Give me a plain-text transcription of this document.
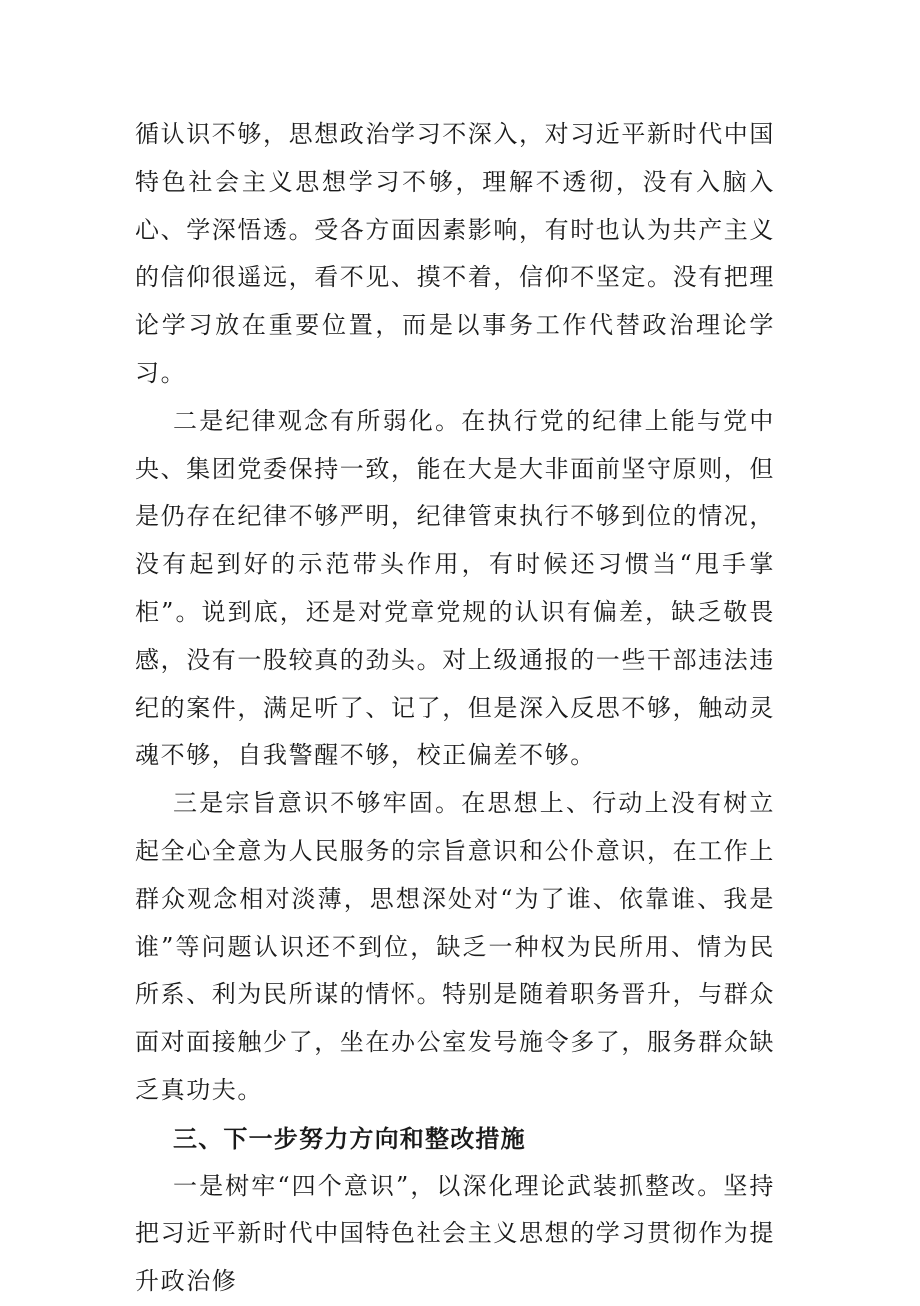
循认识不够，思想政治学习不深入，对习近平新时代中国特色社会主义思想学习不够，理解不透彻，没有入脑入心、学深悟透。受各方面因素影响，有时也认为共产主义的信仰很遥远，看不见、摸不着，信仰不坚定。没有把理论学习放在重要位置，而是以事务工作代替政治理论学习。

二是纪律观念有所弱化。在执行党的纪律上能与党中央、集团党委保持一致，能在大是大非面前坚守原则，但是仍存在纪律不够严明，纪律管束执行不够到位的情况，没有起到好的示范带头作用，有时候还习惯当“甩手掌柜”。说到底，还是对党章党规的认识有偏差，缺乏敬畏感，没有一股较真的劲头。对上级通报的一些干部违法违纪的案件，满足听了、记了，但是深入反思不够，触动灵魂不够，自我警醒不够，校正偏差不够。

三是宗旨意识不够牢固。在思想上、行动上没有树立起全心全意为人民服务的宗旨意识和公仆意识，在工作上群众观念相对淡薄，思想深处对“为了谁、依靠谁、我是谁”等问题认识还不到位，缺乏一种权为民所用、情为民所系、利为民所谋的情怀。特别是随着职务晋升，与群众面对面接触少了，坐在办公室发号施令多了，服务群众缺乏真功夫。

三、下一步努力方向和整改措施

一是树牢“四个意识”，以深化理论武装抓整改。坚持把习近平新时代中国特色社会主义思想的学习贯彻作为提升政治修
